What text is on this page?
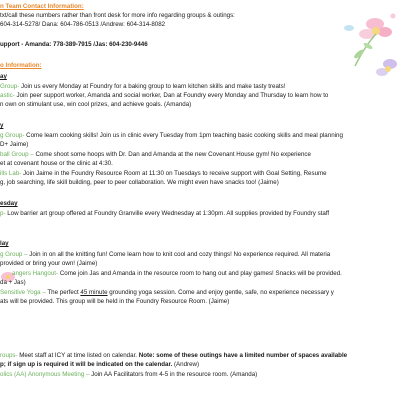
n Team Contact Information:
txt/call these numbers rather than front desk for more info regarding groups & outings:
604-314-5278/ Dana: 604-786-0513 /Andrew: 604-314-8082
upport - Amanda: 778-389-7915 /Jas: 604-230-9446
o Information:
ay
Group- Join us every Monday at Foundry for a baking group to learn kitchen skills and make tasty treats!
astic- Join peer support worker, Amanda and social worker, Dan at Foundry every Monday and Thursday to learn how to
n own on stimulant use, win cool prizes, and achieve goals. (Amanda)
y
g Group- Come learn cooking skills! Join us in clinic every Tuesday from 1pm teaching basic cooking skills and meal planning
D+ Jaime)
ball Group – Come shoot some hoops with Dr. Dan and Amanda at the new Covenant House gym! No experience
et at covenant house or the clinic at 4:30.
ills Lab- Join Jaime in the Foundry Resource Room at 11:30 on Tuesdays to receive support with Goal Setting, Resume
g, job searching, life skill building, peer to peer collaboration. We might even have snacks too! (Jaime)
esday
p- Low barrier art group offered at Foundry Granville every Wednesday at 1:30pm. All supplies provided by Foundry staff
lay
g Group – Join in on all the knitting fun! Come learn how to knit cool and cozy things! No experience required. All materia
provided or bring your own! (Jaime)
angers Hangout- Come join Jas and Amanda in the resource room to hang out and play games! Snacks will be provided.
da + Jas)
Sensitive Yoga – The perfect 45 minute grounding yoga session. Come and enjoy gentle, safe, no experience necessary y
ats will be provided. This group will be held in the Foundry Resource Room. (Jaime)
roups- Meet staff at ICY at time listed on calendar. Note: some of these outings have a limited number of spaces available
p; if sign up is required it will be indicated on the calendar. (Andrew)
olics (AA) Anonymous Meeting – Join AA Facilitators from 4-5 in the resource room. (Amanda)
